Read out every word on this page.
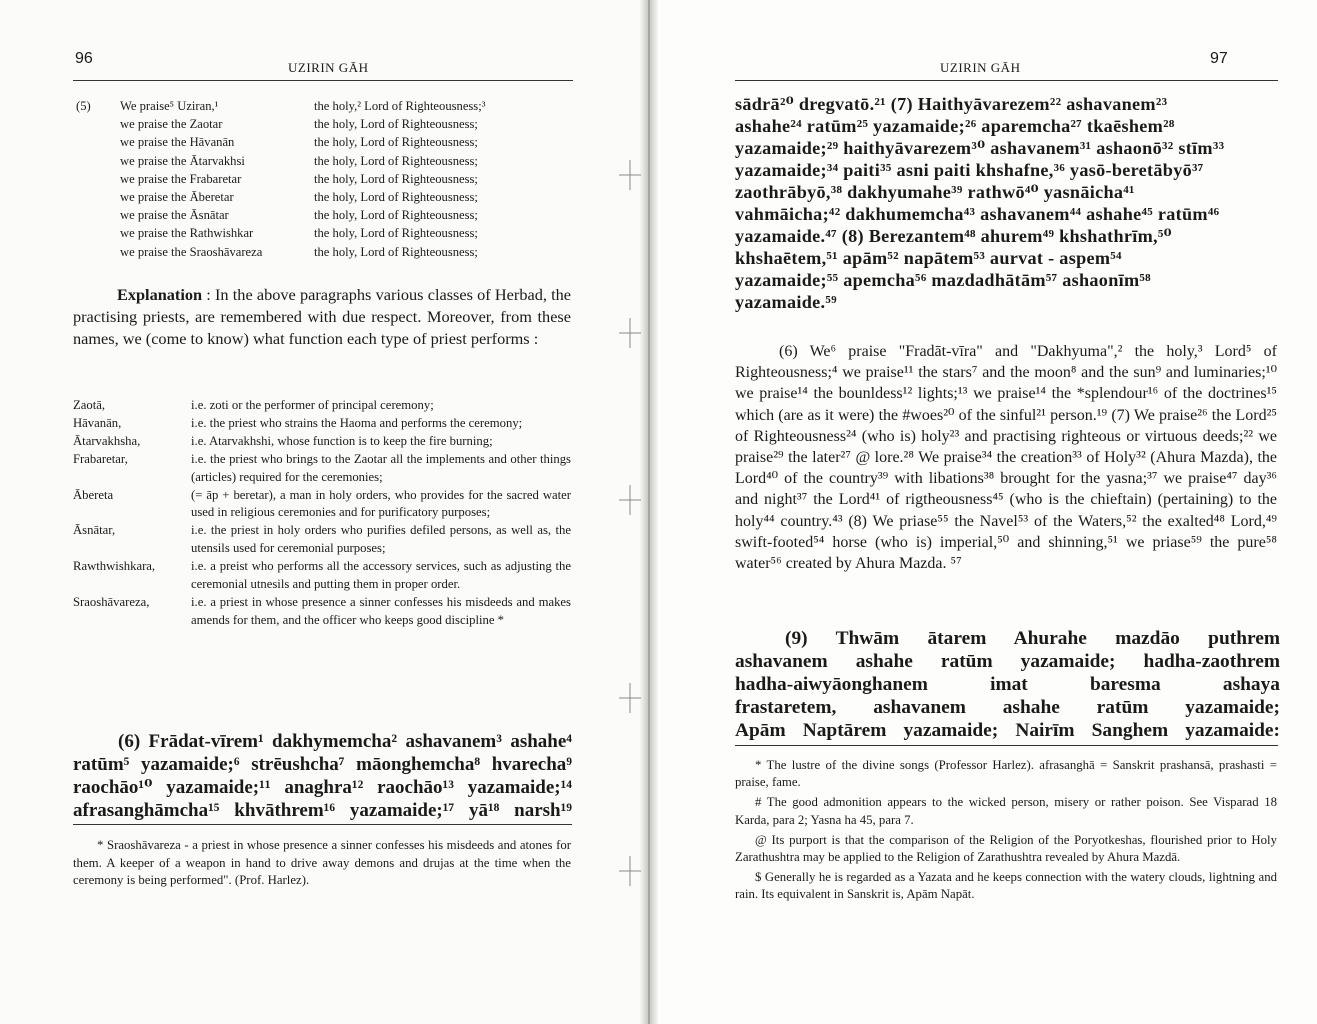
96
UZIRIN GĀH
(5)	We praise⁵ Uziran,¹	the holy,² Lord of Righteousness;³
we praise the Zaotar	the holy, Lord of Righteousness;
we praise the Hāvanān	the holy, Lord of Righteousness;
we praise the Ātarvakhsi	the holy, Lord of Righteousness;
we praise the Frabaretar	the holy, Lord of Righteousness;
we praise the Āberetar	the holy, Lord of Righteousness;
we praise the Āsnātar	the holy, Lord of Righteousness;
we praise the Rathwishkar	the holy, Lord of Righteousness;
we praise the Sraoshāvareza	the holy, Lord of Righteousness;
Explanation : In the above paragraphs various classes of Herbad, the practising priests, are remembered with due respect. Moreover, from these names, we (come to know) what function each type of priest performs :
Zaotā,	i.e. zoti or the performer of principal ceremony;
Hāvanān,	i.e. the priest who strains the Haoma and performs the ceremony;
Ātarvakhsha,	i.e. Atarvakhshi, whose function is to keep the fire burning;
Frabaretar,	i.e. the priest who brings to the Zaotar all the implements and other things (articles) required for the ceremonies;
Ābereta	(= āp + beretar), a man in holy orders, who provides for the sacred water used in religious ceremonies and for purificatory purposes;
Āsnātar,	i.e. the priest in holy orders who purifies defiled persons, as well as, the utensils used for ceremonial purposes;
Rawthwishkara,	i.e. a preist who performs all the accessory services, such as adjusting the ceremonial utnesils and putting them in proper order.
Sraoshāvareza,	i.e. a priest in whose presence a sinner confesses his misdeeds and makes amends for them, and the officer who keeps good discipline *
(6) Frādat-vīrem¹ dakhymemcha² ashavanem³ ashahe⁴
ratūm⁵ yazamaide;⁶ strēushcha⁷ māonghemcha⁸ hvarecha⁹
raochāo¹⁰ yazamaide;¹¹ anaghra¹² raochāo¹³ yazamaide;¹⁴
afrasanghāmcha¹⁵ khvāthrem¹⁶ yazamaide;¹⁷ yā¹⁸ narsh¹⁹
* Sraoshāvareza - a priest in whose presence a sinner confesses his misdeeds and atones for them. A keeper of a weapon in hand to drive away demons and drujas at the time when the ceremony is being performed". (Prof. Harlez).
UZIRIN GĀH
97
sādrā²⁰ dregvatō.²¹ (7) Haithyāvarezem²² ashavanem²³
ashahe²⁴ ratūm²⁵ yazamaide;²⁶ aparemcha²⁷ tkaēshem²⁸
yazamaide;²⁹ haithyāvarezem³⁰ ashavanem³¹ ashaonō³² stīm³³
yazamaide;³⁴ paiti³⁵ asni paiti khshafne,³⁶ yasō-beretābyō³⁷
zaothrābyō,³⁸ dakhyumahe³⁹ rathwō⁴⁰ yasnāicha⁴¹
vahmāicha;⁴² dakhumemcha⁴³ ashavanem⁴⁴ ashahe⁴⁵ ratūm⁴⁶
yazamaide.⁴⁷ (8) Berezantem⁴⁸ ahurem⁴⁹ khshathrīm,⁵⁰
khshaētem,⁵¹ apām⁵² napātem⁵³ aurvat - aspem⁵⁴
yazamaide;⁵⁵ apemcha⁵⁶ mazdadhātām⁵⁷ ashaonīm⁵⁸
yazamaide.⁵⁹
(6) We⁶ praise "Fradāt-vīra" and "Dakhyuma",² the holy,³ Lord⁵ of Righteousness;⁴ we praise¹¹ the stars⁷ and the moon⁸ and the sun⁹ and luminaries;¹⁰ we praise¹⁴ the bounldess¹² lights;¹³ we praise¹⁴ the *splendour¹⁶ of the doctrines¹⁵ which (are as it were) the #woes²⁰ of the sinful²¹ person.¹⁹ (7) We praise²⁶ the Lord²⁵ of Righteousness²⁴ (who is) holy²³ and practising righteous or virtuous deeds;²² we praise²⁹ the later²⁷ @ lore.²⁸ We praise³⁴ the creation³³ of Holy³² (Ahura Mazda), the Lord⁴⁰ of the country³⁹ with libations³⁸ brought for the yasna;³⁷ we praise⁴⁷ day³⁶ and night³⁷ the Lord⁴¹ of rigtheousness⁴⁵ (who is the chieftain) (pertaining) to the holy⁴⁴ country.⁴³ (8) We priase⁵⁵ the Navel⁵³ of the Waters,⁵² the exalted⁴⁸ Lord,⁴⁹ swift-footed⁵⁴ horse (who is) imperial,⁵⁰ and shinning,⁵¹ we priase⁵⁹ the pure⁵⁸ water⁵⁶ created by Ahura Mazda. ⁵⁷
(9) Thwām ātarem Ahurahe mazdāo puthrem
ashavanem ashahe ratūm yazamaide; hadha-zaothrem
hadha-aiwyāonghanem imat baresma ashaya
frastaretem, ashavanem ashahe ratūm yazamaide;
Apām Naptārem yazamaide; Nairīm Sanghem yazamaide:

* The lustre of the divine songs (Professor Harlez). afrasanghā = Sanskrit prashansā, prashasti = praise, fame.

# The good admonition appears to the wicked person, misery or rather poison. See Visparad 18 Karda, para 2; Yasna ha 45, para 7.

@ Its purport is that the comparison of the Religion of the Poryotkeshas, flourished prior to Holy Zarathushtra may be applied to the Religion of Zarathushtra revealed by Ahura Mazdā.

$ Generally he is regarded as a Yazata and he keeps connection with the watery clouds, lightning and rain. Its equivalent in Sanskrit is, Apām Napāt.
